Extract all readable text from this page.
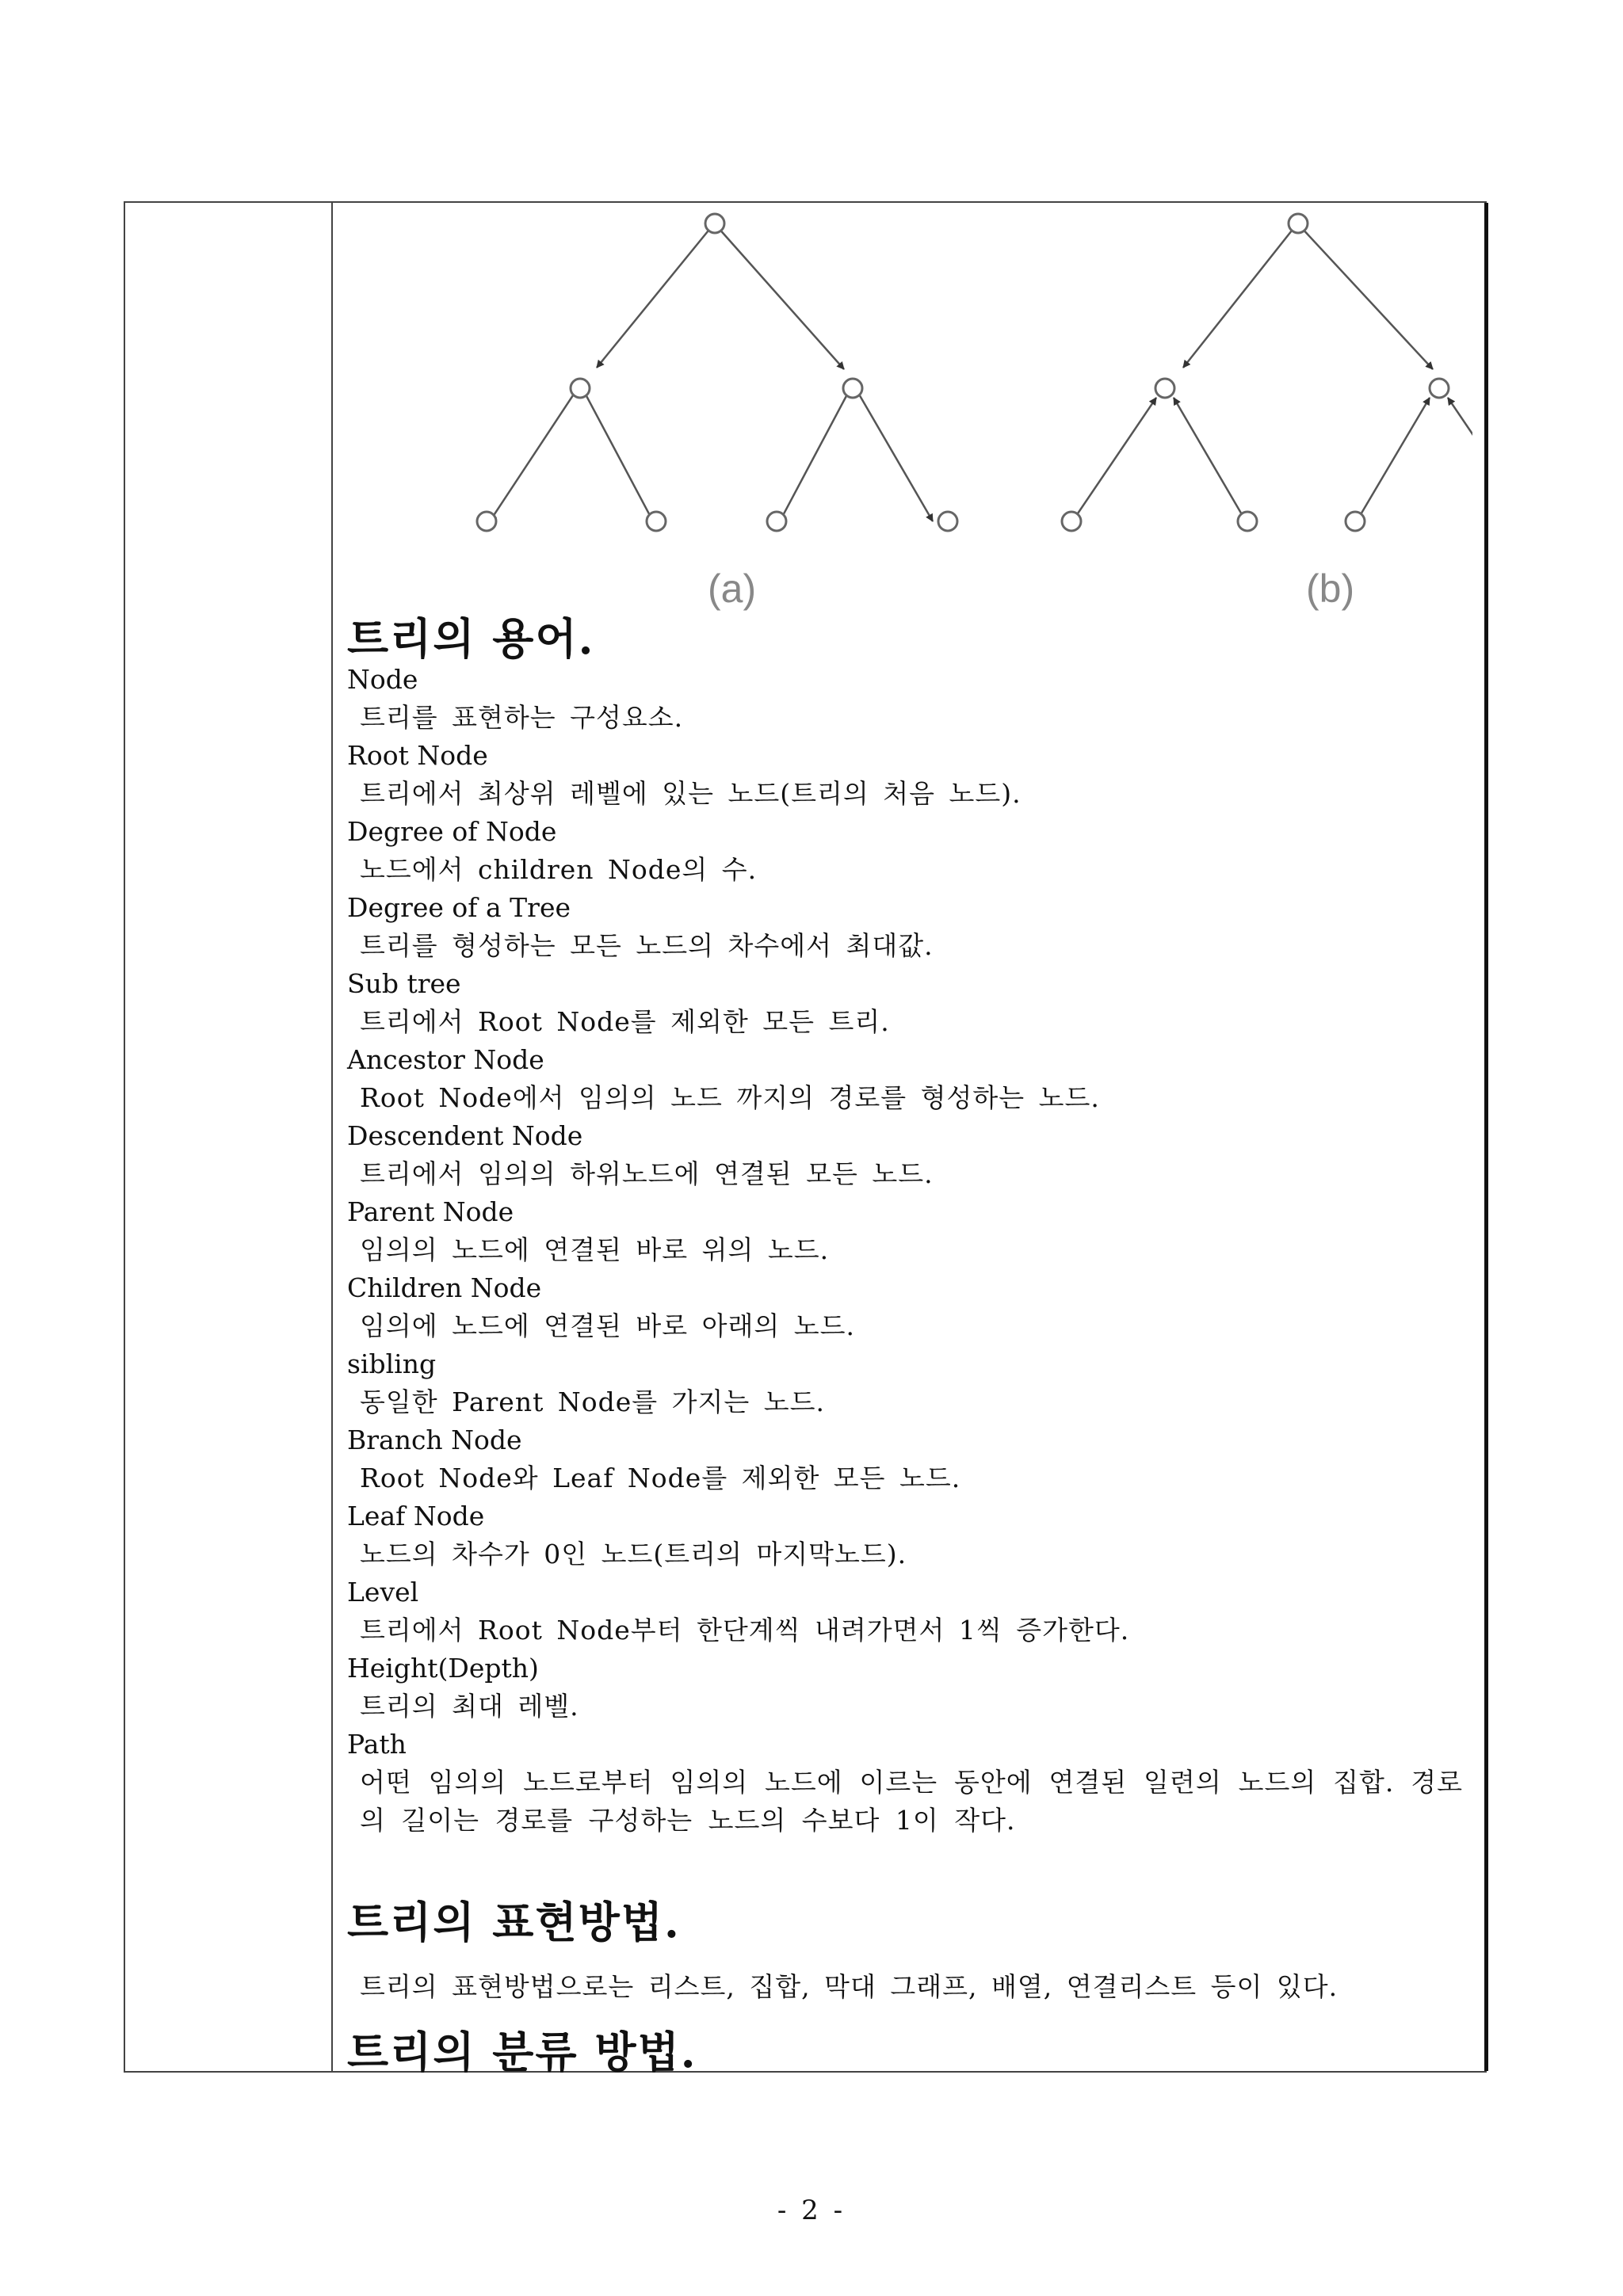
(a)	(b)
트리의 용어.
Node
트리를 표현하는 구성요소.
Root Node
트리에서 최상위 레벨에 있는 노드(트리의 처음 노드).
Degree of Node
노드에서 children Node의 수.
Degree of a Tree
트리를 형성하는 모든 노드의 차수에서 최대값.
Sub tree
트리에서 Root Node를 제외한 모든 트리.
Ancestor Node
Root Node에서 임의의 노드 까지의 경로를 형성하는 노드.
Descendent Node
트리에서 임의의 하위노드에 연결된 모든 노드.
Parent Node
임의의 노드에 연결된 바로 위의 노드.
Children Node
임의에 노드에 연결된 바로 아래의 노드.
sibling
동일한 Parent Node를 가지는 노드.
Branch Node
Root Node와 Leaf Node를 제외한 모든 노드.
Leaf Node
노드의 차수가 0인 노드(트리의 마지막노드).
Level
트리에서 Root Node부터 한단계씩 내려가면서 1씩 증가한다.
Height(Depth)
트리의 최대 레벨.
Path
어떤 임의의 노드로부터 임의의 노드에 이르는 동안에 연결된 일련의 노드의 집합. 경로의 길이는 경로를 구성하는 노드의 수보다 1이 작다.
트리의 표현방법.
트리의 표현방법으로는 리스트, 집합, 막대 그래프, 배열, 연결리스트 등이 있다.
트리의 분류 방법.
- 2 -
